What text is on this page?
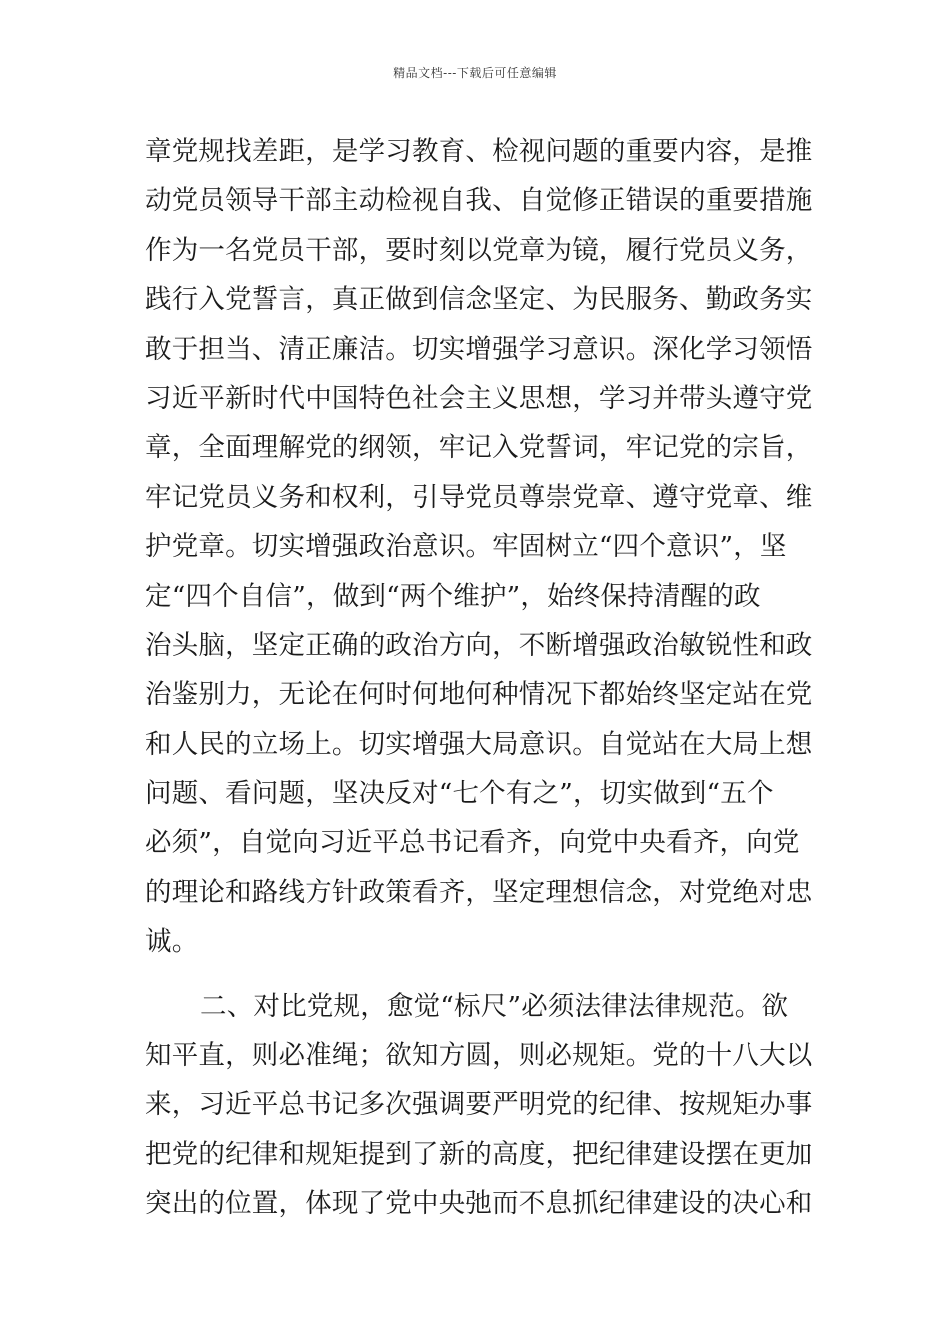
精品文档---下载后可任意编辑
章党规找差距，是学习教育、检视问题的重要内容，是推
动党员领导干部主动检视自我、自觉修正错误的重要措施
作为一名党员干部，要时刻以党章为镜，履行党员义务，
践行入党誓言，真正做到信念坚定、为民服务、勤政务实
敢于担当、清正廉洁。切实增强学习意识。深化学习领悟
习近平新时代中国特色社会主义思想，学习并带头遵守党
章，全面理解党的纲领，牢记入党誓词，牢记党的宗旨，
牢记党员义务和权利，引导党员尊崇党章、遵守党章、维
护党章。切实增强政治意识。牢固树立“四个意识”，坚
定“四个自信”，做到“两个维护”，始终保持清醒的政
治头脑，坚定正确的政治方向，不断增强政治敏锐性和政
治鉴别力，无论在何时何地何种情况下都始终坚定站在党
和人民的立场上。切实增强大局意识。自觉站在大局上想
问题、看问题，坚决反对“七个有之”，切实做到“五个
必须”，自觉向习近平总书记看齐，向党中央看齐，向党
的理论和路线方针政策看齐，坚定理想信念，对党绝对忠
诚。
二、对比党规，愈觉“标尺”必须法律法律规范。欲
知平直，则必准绳；欲知方圆，则必规矩。党的十八大以
来，习近平总书记多次强调要严明党的纪律、按规矩办事
把党的纪律和规矩提到了新的高度，把纪律建设摆在更加
突出的位置，体现了党中央弛而不息抓纪律建设的决心和
